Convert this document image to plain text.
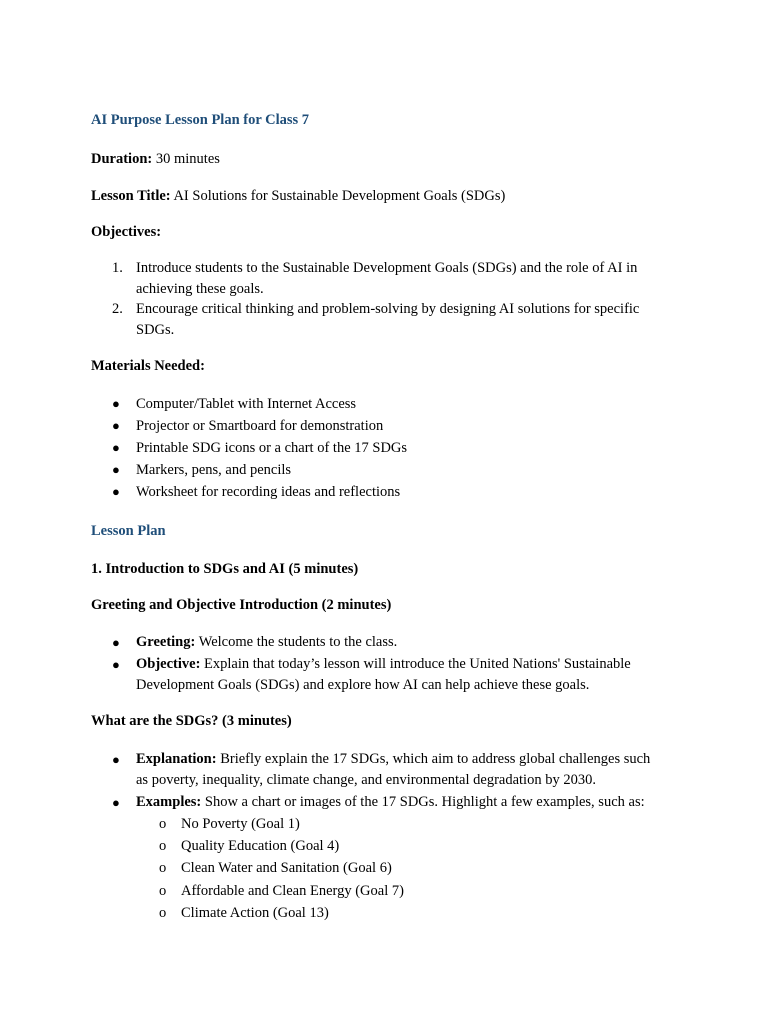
AI Purpose Lesson Plan for Class 7
Duration: 30 minutes
Lesson Title: AI Solutions for Sustainable Development Goals (SDGs)
Objectives:
1. Introduce students to the Sustainable Development Goals (SDGs) and the role of AI in
achieving these goals.
2. Encourage critical thinking and problem-solving by designing AI solutions for specific
SDGs.
Materials Needed:
● Computer/Tablet with Internet Access
● Projector or Smartboard for demonstration
● Printable SDG icons or a chart of the 17 SDGs
● Markers, pens, and pencils
● Worksheet for recording ideas and reflections
Lesson Plan
1. Introduction to SDGs and AI (5 minutes)
Greeting and Objective Introduction (2 minutes)
● Greeting: Welcome the students to the class.
● Objective: Explain that today’s lesson will introduce the United Nations' Sustainable
Development Goals (SDGs) and explore how AI can help achieve these goals.
What are the SDGs? (3 minutes)
● Explanation: Briefly explain the 17 SDGs, which aim to address global challenges such
as poverty, inequality, climate change, and environmental degradation by 2030.
● Examples: Show a chart or images of the 17 SDGs. Highlight a few examples, such as:
o No Poverty (Goal 1)
o Quality Education (Goal 4)
o Clean Water and Sanitation (Goal 6)
o Affordable and Clean Energy (Goal 7)
o Climate Action (Goal 13)
